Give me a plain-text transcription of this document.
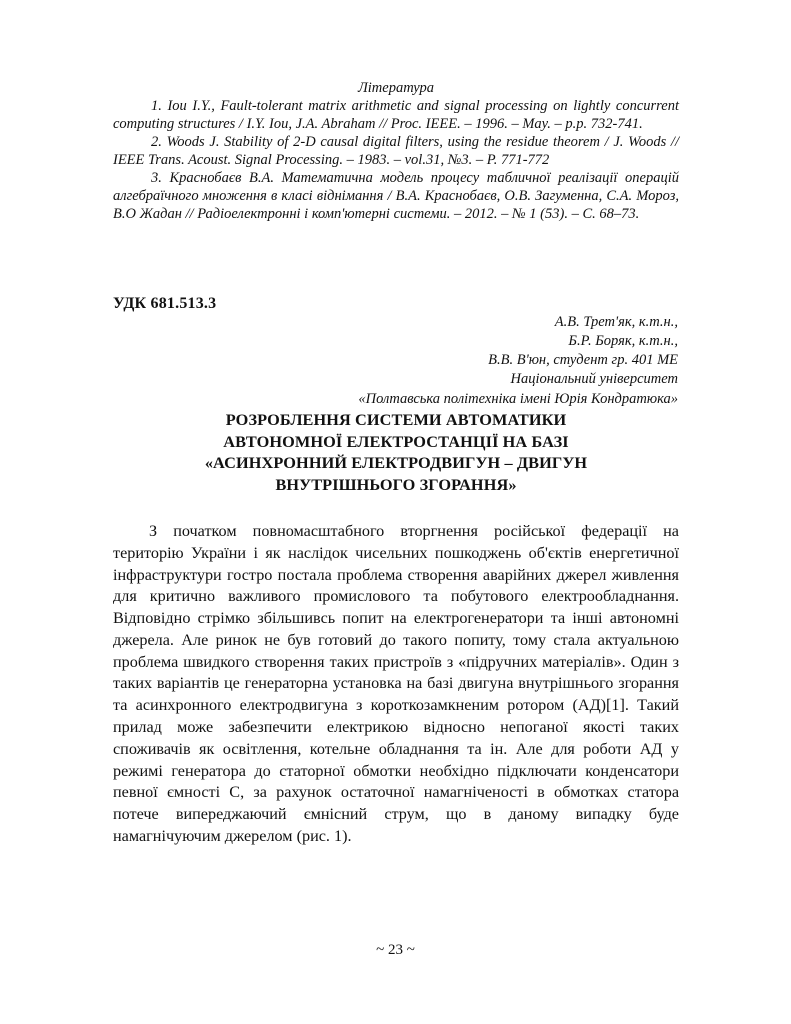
Література

1. Iou I.Y., Fault-tolerant matrix arithmetic and signal processing on lightly concurrent computing structures / I.Y. Iou, J.A. Abraham // Proc. IEEE. – 1996. – May. – p.p. 732-741.

2. Woods J. Stability of 2-D causal digital filters, using the residue theorem / J. Woods // IEEE Trans. Acoust. Signal Processing. – 1983. – vol.31, №3. – P. 771-772

3. Краснобаєв В.А. Математична модель процесу табличної реалізації операцій алгебраїчного множення в класі віднімання / В.А. Краснобаєв, О.В. Загуменна, С.А. Мороз, В.О Жадан // Радіоелектронні і комп'ютерні системи. – 2012. – № 1 (53). – С. 68–73.

УДК 681.513.3
А.В. Трет'як, к.т.н.,
Б.Р. Боряк, к.т.н.,
В.В. В'юн, студент гр. 401 МЕ
Національний університет
«Полтавська політехніка імені Юрія Кондратюка»
РОЗРОБЛЕННЯ СИСТЕМИ АВТОМАТИКИ
АВТОНОМНОЇ ЕЛЕКТРОСТАНЦІЇ НА БАЗІ
«АСИНХРОННИЙ ЕЛЕКТРОДВИГУН – ДВИГУН
ВНУТРІШНЬОГО ЗГОРАННЯ»

З початком повномасштабного вторгнення російської федерації на територію України і як наслідок чисельних пошкоджень об'єктів енергетичної інфраструктури гостро постала проблема створення аварійних джерел живлення для критично важливого промислового та побутового електрообладнання. Відповідно стрімко збільшивсь попит на електрогенератори та інші автономні джерела. Але ринок не був готовий до такого попиту, тому стала актуальною проблема швидкого створення таких пристроїв з «підручних матеріалів». Один з таких варіантів це генераторна установка на базі двигуна внутрішнього згорання та асинхронного електродвигуна з короткозамкненим ротором (АД)[1]. Такий прилад може забезпечити електрикою відносно непоганої якості таких споживачів як освітлення, котельне обладнання та ін. Але для роботи АД у режимі генератора до статорної обмотки необхідно підключати конденсатори певної ємності С, за рахунок остаточної намагніченості в обмотках статора потече випереджаючий ємнісний струм, що в даному випадку буде намагнічуючим джерелом (рис. 1).

~ 23 ~
